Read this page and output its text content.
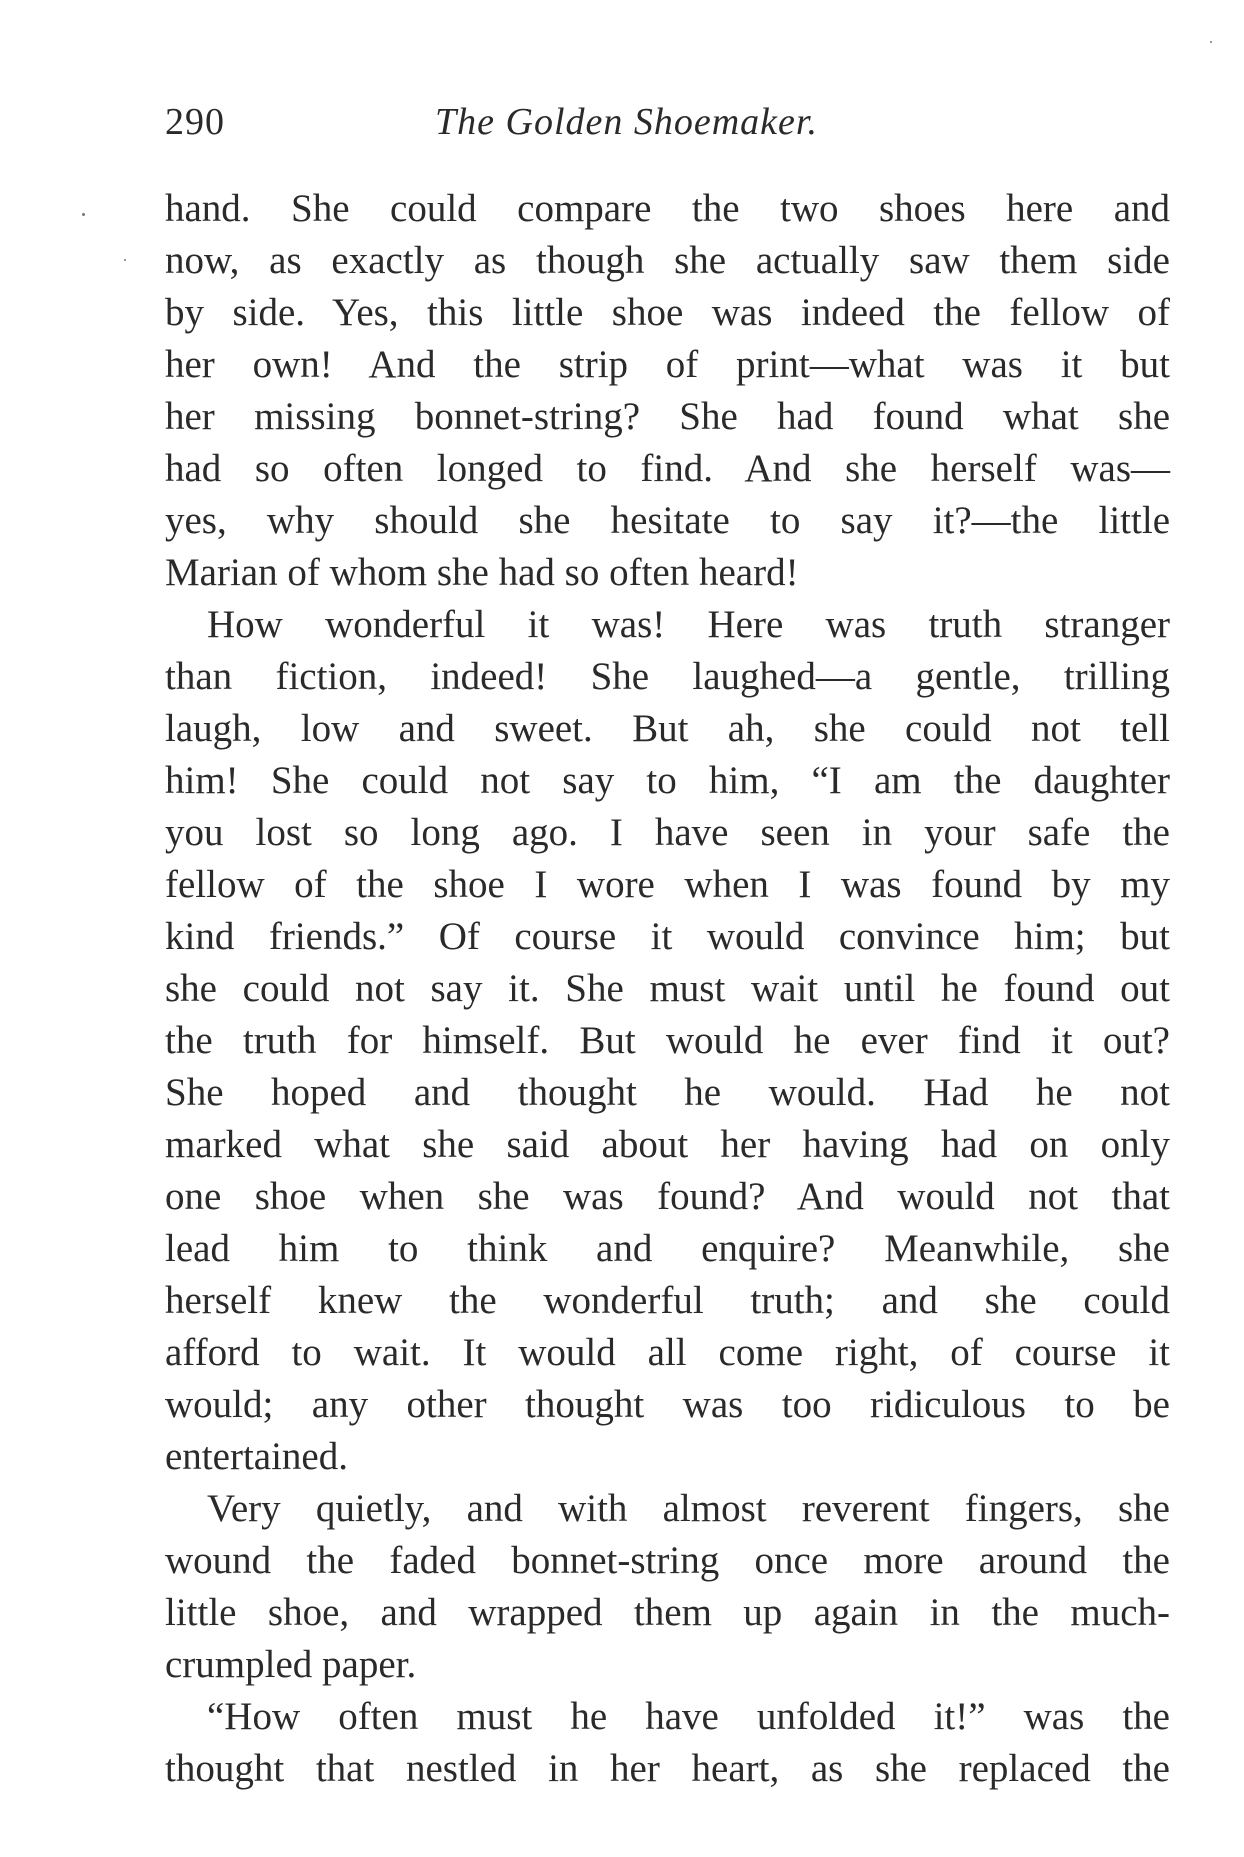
290	The Golden Shoemaker.
hand. She could compare the two shoes here and
now, as exactly as though she actually saw them side
by side. Yes, this little shoe was indeed the fellow of
her own! And the strip of print—what was it but
her missing bonnet-string? She had found what she
had so often longed to find. And she herself was—
yes, why should she hesitate to say it?—the little
Marian of whom she had so often heard!
How wonderful it was! Here was truth stranger
than fiction, indeed! She laughed—a gentle, trilling
laugh, low and sweet. But ah, she could not tell
him! She could not say to him, “I am the daughter
you lost so long ago. I have seen in your safe the
fellow of the shoe I wore when I was found by my
kind friends.” Of course it would convince him; but
she could not say it. She must wait until he found out
the truth for himself. But would he ever find it out?
She hoped and thought he would. Had he not
marked what she said about her having had on only
one shoe when she was found? And would not that
lead him to think and enquire? Meanwhile, she
herself knew the wonderful truth; and she could
afford to wait. It would all come right, of course it
would; any other thought was too ridiculous to be
entertained.
Very quietly, and with almost reverent fingers, she
wound the faded bonnet-string once more around the
little shoe, and wrapped them up again in the much-
crumpled paper.
“How often must he have unfolded it!” was the
thought that nestled in her heart, as she replaced the
